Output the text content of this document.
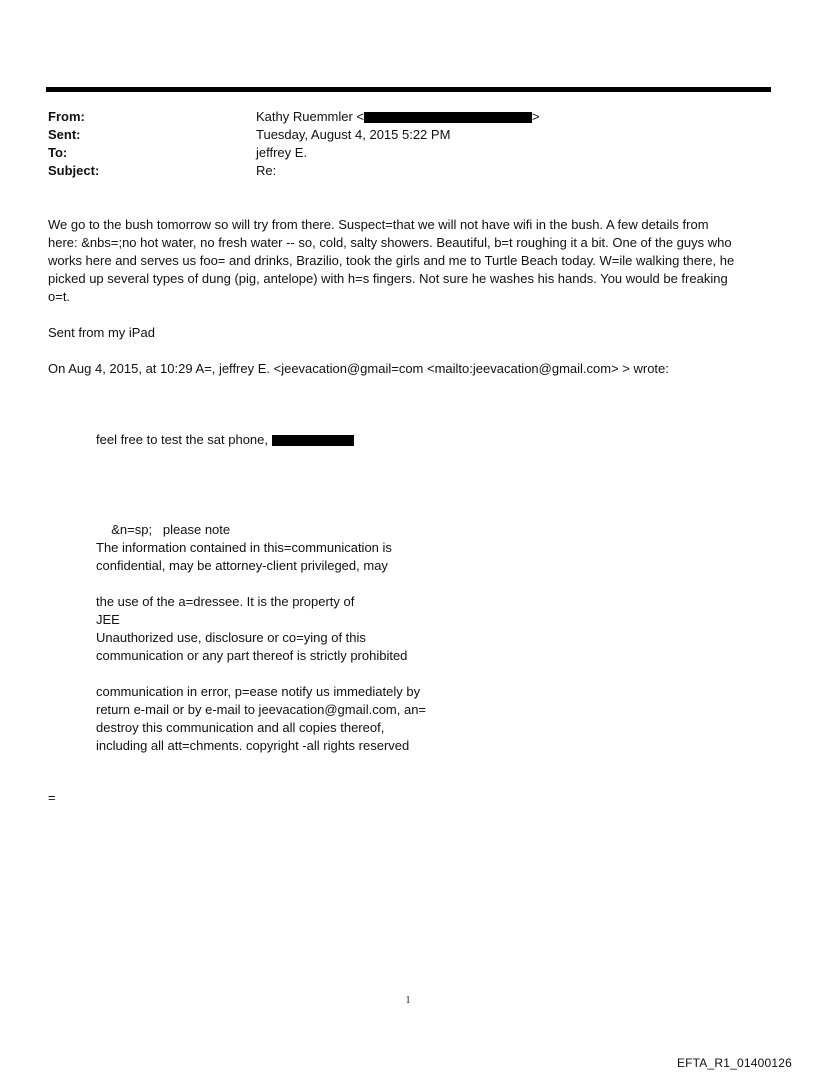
From:	Kathy Ruemmler <	>
Sent:	Tuesday, August 4, 2015 5:22 PM
To:	jeffrey E.
Subject:	Re:
We go to the bush tomorrow so will try from there. Suspect=that we will not have wifi in the bush. A few details from
here: &nbs=;no hot water, no fresh water -- so, cold, salty showers. Beautiful, b=t roughing it a bit. One of the guys who
works here and serves us foo= and drinks, Brazilio, took the girls and me to Turtle Beach today. W=ile walking there, he
picked up several types of dung (pig, antelope) with h=s fingers. Not sure he washes his hands. You would be freaking
o=t.
Sent from my iPad
On Aug 4, 2015, at 10:29 A=, jeffrey E. <jeevacation@gmail=com <mailto:jeevacation@gmail.com> > wrote:
feel free to test the sat phone,

&n=sp;   please note

The information contained in this=communication is
confidential, may be attorney-client privileged, may
the use of the a=dressee. It is the property of
JEE
Unauthorized use, disclosure or co=ying of this
communication or any part thereof is strictly prohibited
communication in error, p=ease notify us immediately by
return e-mail or by e-mail to jeevacation@gmail.com, an=
destroy this communication and all copies thereof,
including all att=chments. copyright -all rights reserved
=
1
EFTA_R1_01400126
